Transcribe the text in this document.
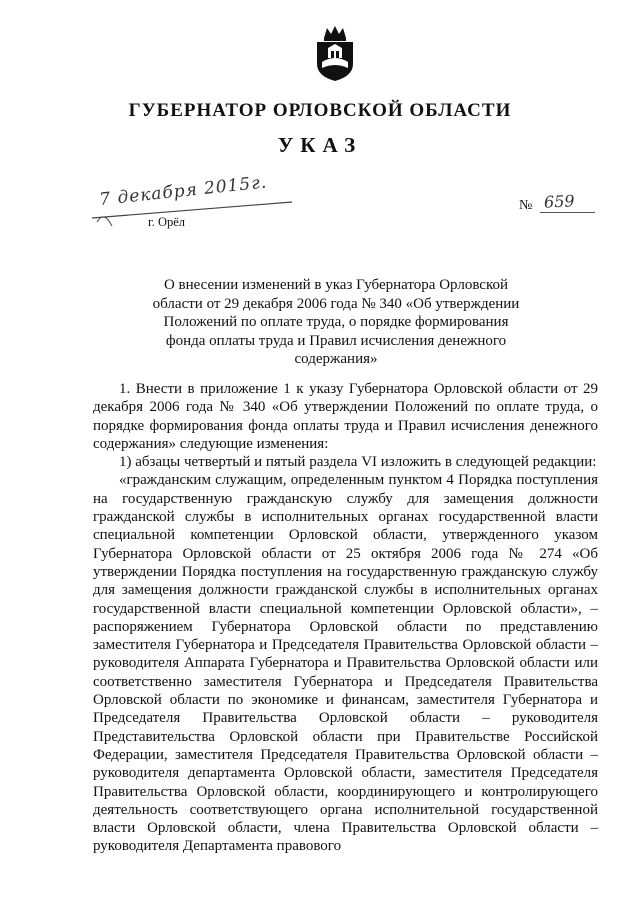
ГУБЕРНАТОР ОРЛОВСКОЙ ОБЛАСТИ
УКАЗ
7 декабря 2015г.
г. Орёл
№ 659
О внесении изменений в указ Губернатора Орловской области от 29 декабря 2006 года № 340 «Об утверждении Положений по оплате труда, о порядке формирования фонда оплаты труда и Правил исчисления денежного содержания»

1. Внести в приложение 1 к указу Губернатора Орловской области от 29 декабря 2006 года № 340 «Об утверждении Положений по оплате труда, о порядке формирования фонда оплаты труда и Правил исчисления денежного содержания» следующие изменения:

1) абзацы четвертый и пятый раздела VI изложить в следующей редакции:

«гражданским служащим, определенным пунктом 4 Порядка поступления на государственную гражданскую службу для замещения должности гражданской службы в исполнительных органах государственной власти специальной компетенции Орловской области, утвержденного указом Губернатора Орловской области от 25 октября 2006 года № 274 «Об утверждении Порядка поступления на государственную гражданскую службу для замещения должности гражданской службы в исполнительных органах государственной власти специальной компетенции Орловской области», – распоряжением Губернатора Орловской области по представлению заместителя Губернатора и Председателя Правительства Орловской области – руководителя Аппарата Губернатора и Правительства Орловской области или соответственно заместителя Губернатора и Председателя Правительства Орловской области по экономике и финансам, заместителя Губернатора и Председателя Правительства Орловской области – руководителя Представительства Орловской области при Правительстве Российской Федерации, заместителя Председателя Правительства Орловской области – руководителя департамента Орловской области, заместителя Председателя Правительства Орловской области, координирующего и контролирующего деятельность соответствующего органа исполнительной государственной власти Орловской области, члена Правительства Орловской области – руководителя Департамента правового
